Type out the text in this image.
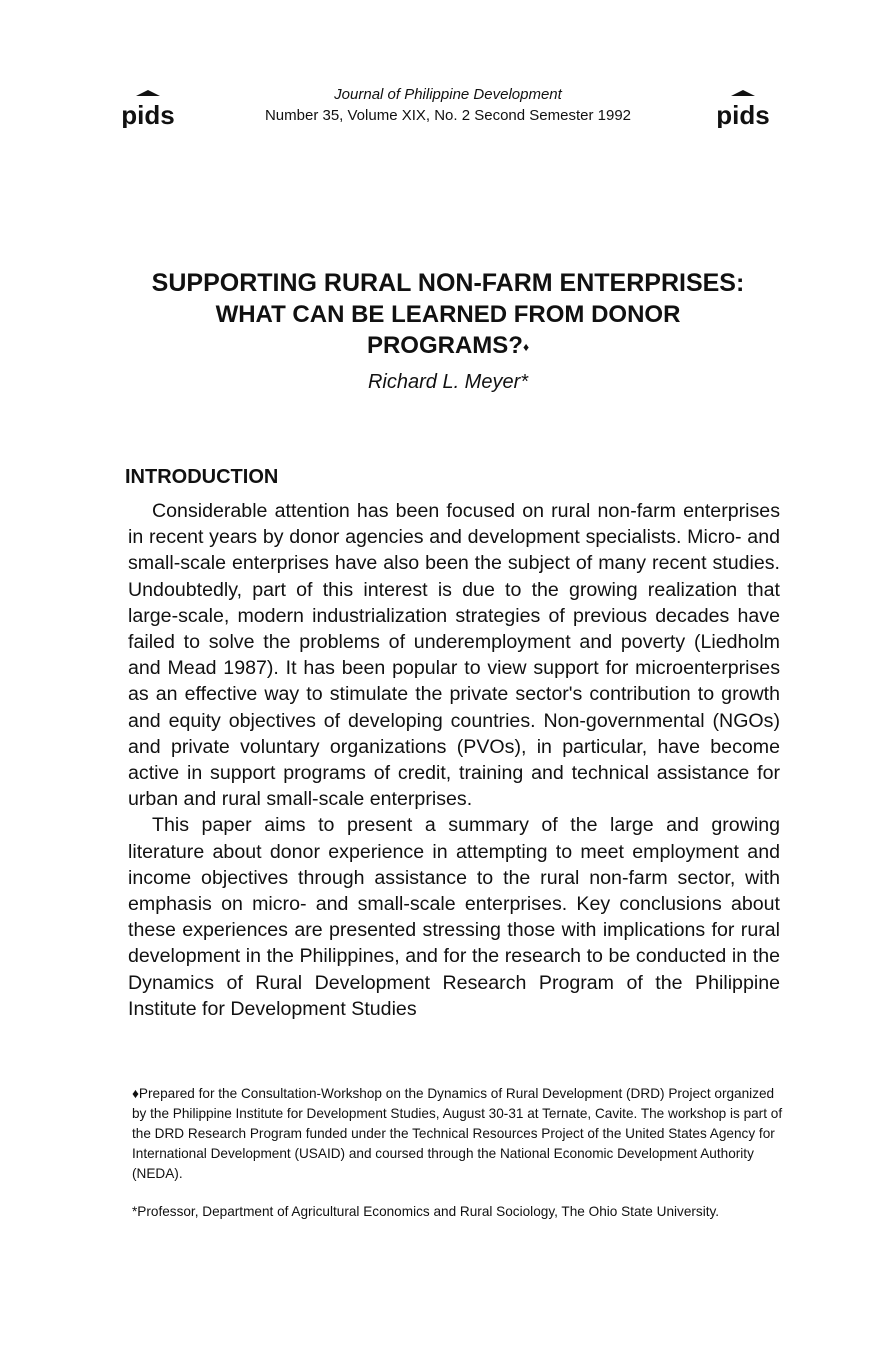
pids
Journal of Philippine Development
Number 35, Volume XIX, No. 2 Second Semester 1992	pids
SUPPORTING RURAL NON-FARM ENTERPRISES:
WHAT CAN BE LEARNED FROM DONOR
PROGRAMS?♦
Richard L. Meyer*
INTRODUCTION

Considerable attention has been focused on rural non-farm enterprises in recent years by donor agencies and development specialists. Micro- and small-scale enterprises have also been the subject of many recent studies. Undoubtedly, part of this interest is due to the growing realization that large-scale, modern industrialization strategies of previous decades have failed to solve the problems of underemployment and poverty (Liedholm and Mead 1987). It has been popular to view support for microenterprises as an effective way to stimulate the private sector's contribution to growth and equity objectives of developing countries. Non-governmental (NGOs) and private voluntary organizations (PVOs), in particular, have become active in support programs of credit, training and technical assistance for urban and rural small-scale enterprises.

This paper aims to present a summary of the large and growing literature about donor experience in attempting to meet employment and income objectives through assistance to the rural non-farm sector, with emphasis on micro- and small-scale enterprises. Key conclusions about these experiences are presented stressing those with implications for rural development in the Philippines, and for the research to be conducted in the Dynamics of Rural Development Research Program of the Philippine Institute for Development Studies

♦Prepared for the Consultation-Workshop on the Dynamics of Rural Development (DRD) Project organized by the Philippine Institute for Development Studies, August 30-31 at Ternate, Cavite. The workshop is part of the DRD Research Program funded under the Technical Resources Project of the United States Agency for International Development (USAID) and coursed through the National Economic Development Authority (NEDA).

*Professor, Department of Agricultural Economics and Rural Sociology, The Ohio State University.
